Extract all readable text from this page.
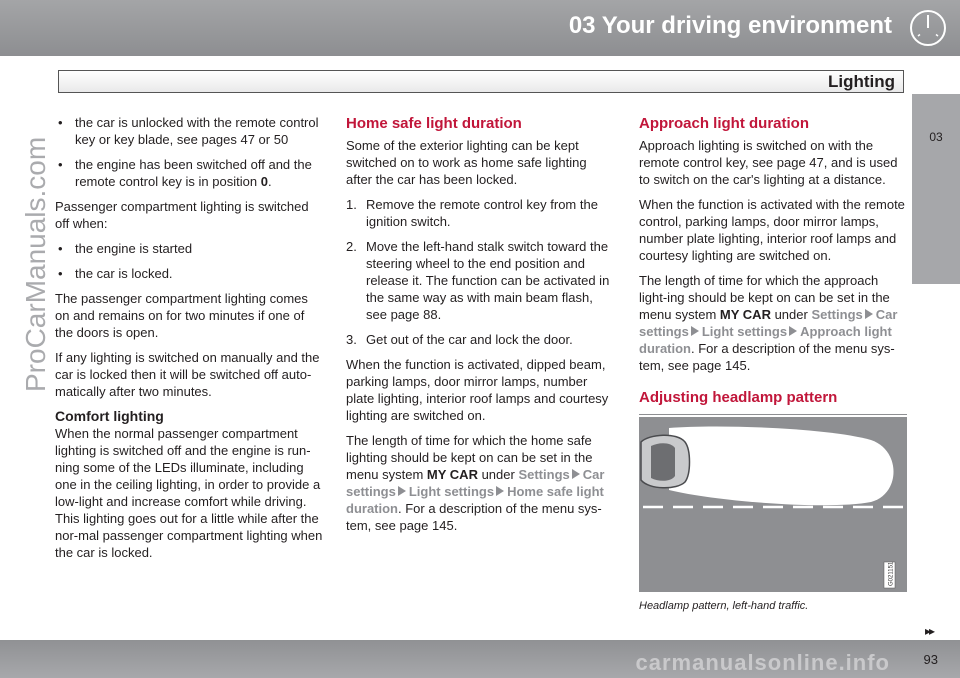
03 Your driving environment
Lighting
03
ProCarManuals.com
• the car is unlocked with the remote control key or key blade, see pages 47 or 50
• the engine has been switched off and the remote control key is in position 0.

Passenger compartment lighting is switched off when:

• the engine is started
• the car is locked.

The passenger compartment lighting comes on and remains on for two minutes if one of the doors is open.

If any lighting is switched on manually and the car is locked then it will be switched off auto-matically after two minutes.

Comfort lighting

When the normal passenger compartment lighting is switched off and the engine is run-ning some of the LEDs illuminate, including one in the ceiling lighting, in order to provide a low-light and increase comfort while driving. This lighting goes out for a little while after the nor-mal passenger compartment lighting when the car is locked.

Home safe light duration

Some of the exterior lighting can be kept switched on to work as home safe lighting after the car has been locked.

1. Remove the remote control key from the ignition switch.
2. Move the left-hand stalk switch toward the steering wheel to the end position and release it. The function can be activated in the same way as with main beam flash, see page 88.
3. Get out of the car and lock the door.

When the function is activated, dipped beam, parking lamps, door mirror lamps, number plate lighting, interior roof lamps and courtesy lighting are switched on.

The length of time for which the home safe lighting should be kept on can be set in the menu system MY CAR under Settings Car settings Light settings Home safe light duration. For a description of the menu sys-tem, see page 145.

Approach light duration

Approach lighting is switched on with the remote control key, see page 47, and is used to switch on the car's lighting at a distance.

When the function is activated with the remote control, parking lamps, door mirror lamps, number plate lighting, interior roof lamps and courtesy lighting are switched on.

The length of time for which the approach light-ing should be kept on can be set in the menu system MY CAR under Settings Car settings Light settings Approach light duration. For a description of the menu sys-tem, see page 145.

Adjusting headlamp pattern
G021151
Headlamp pattern, left-hand traffic.
▸▸
carmanualsonline.info	93
